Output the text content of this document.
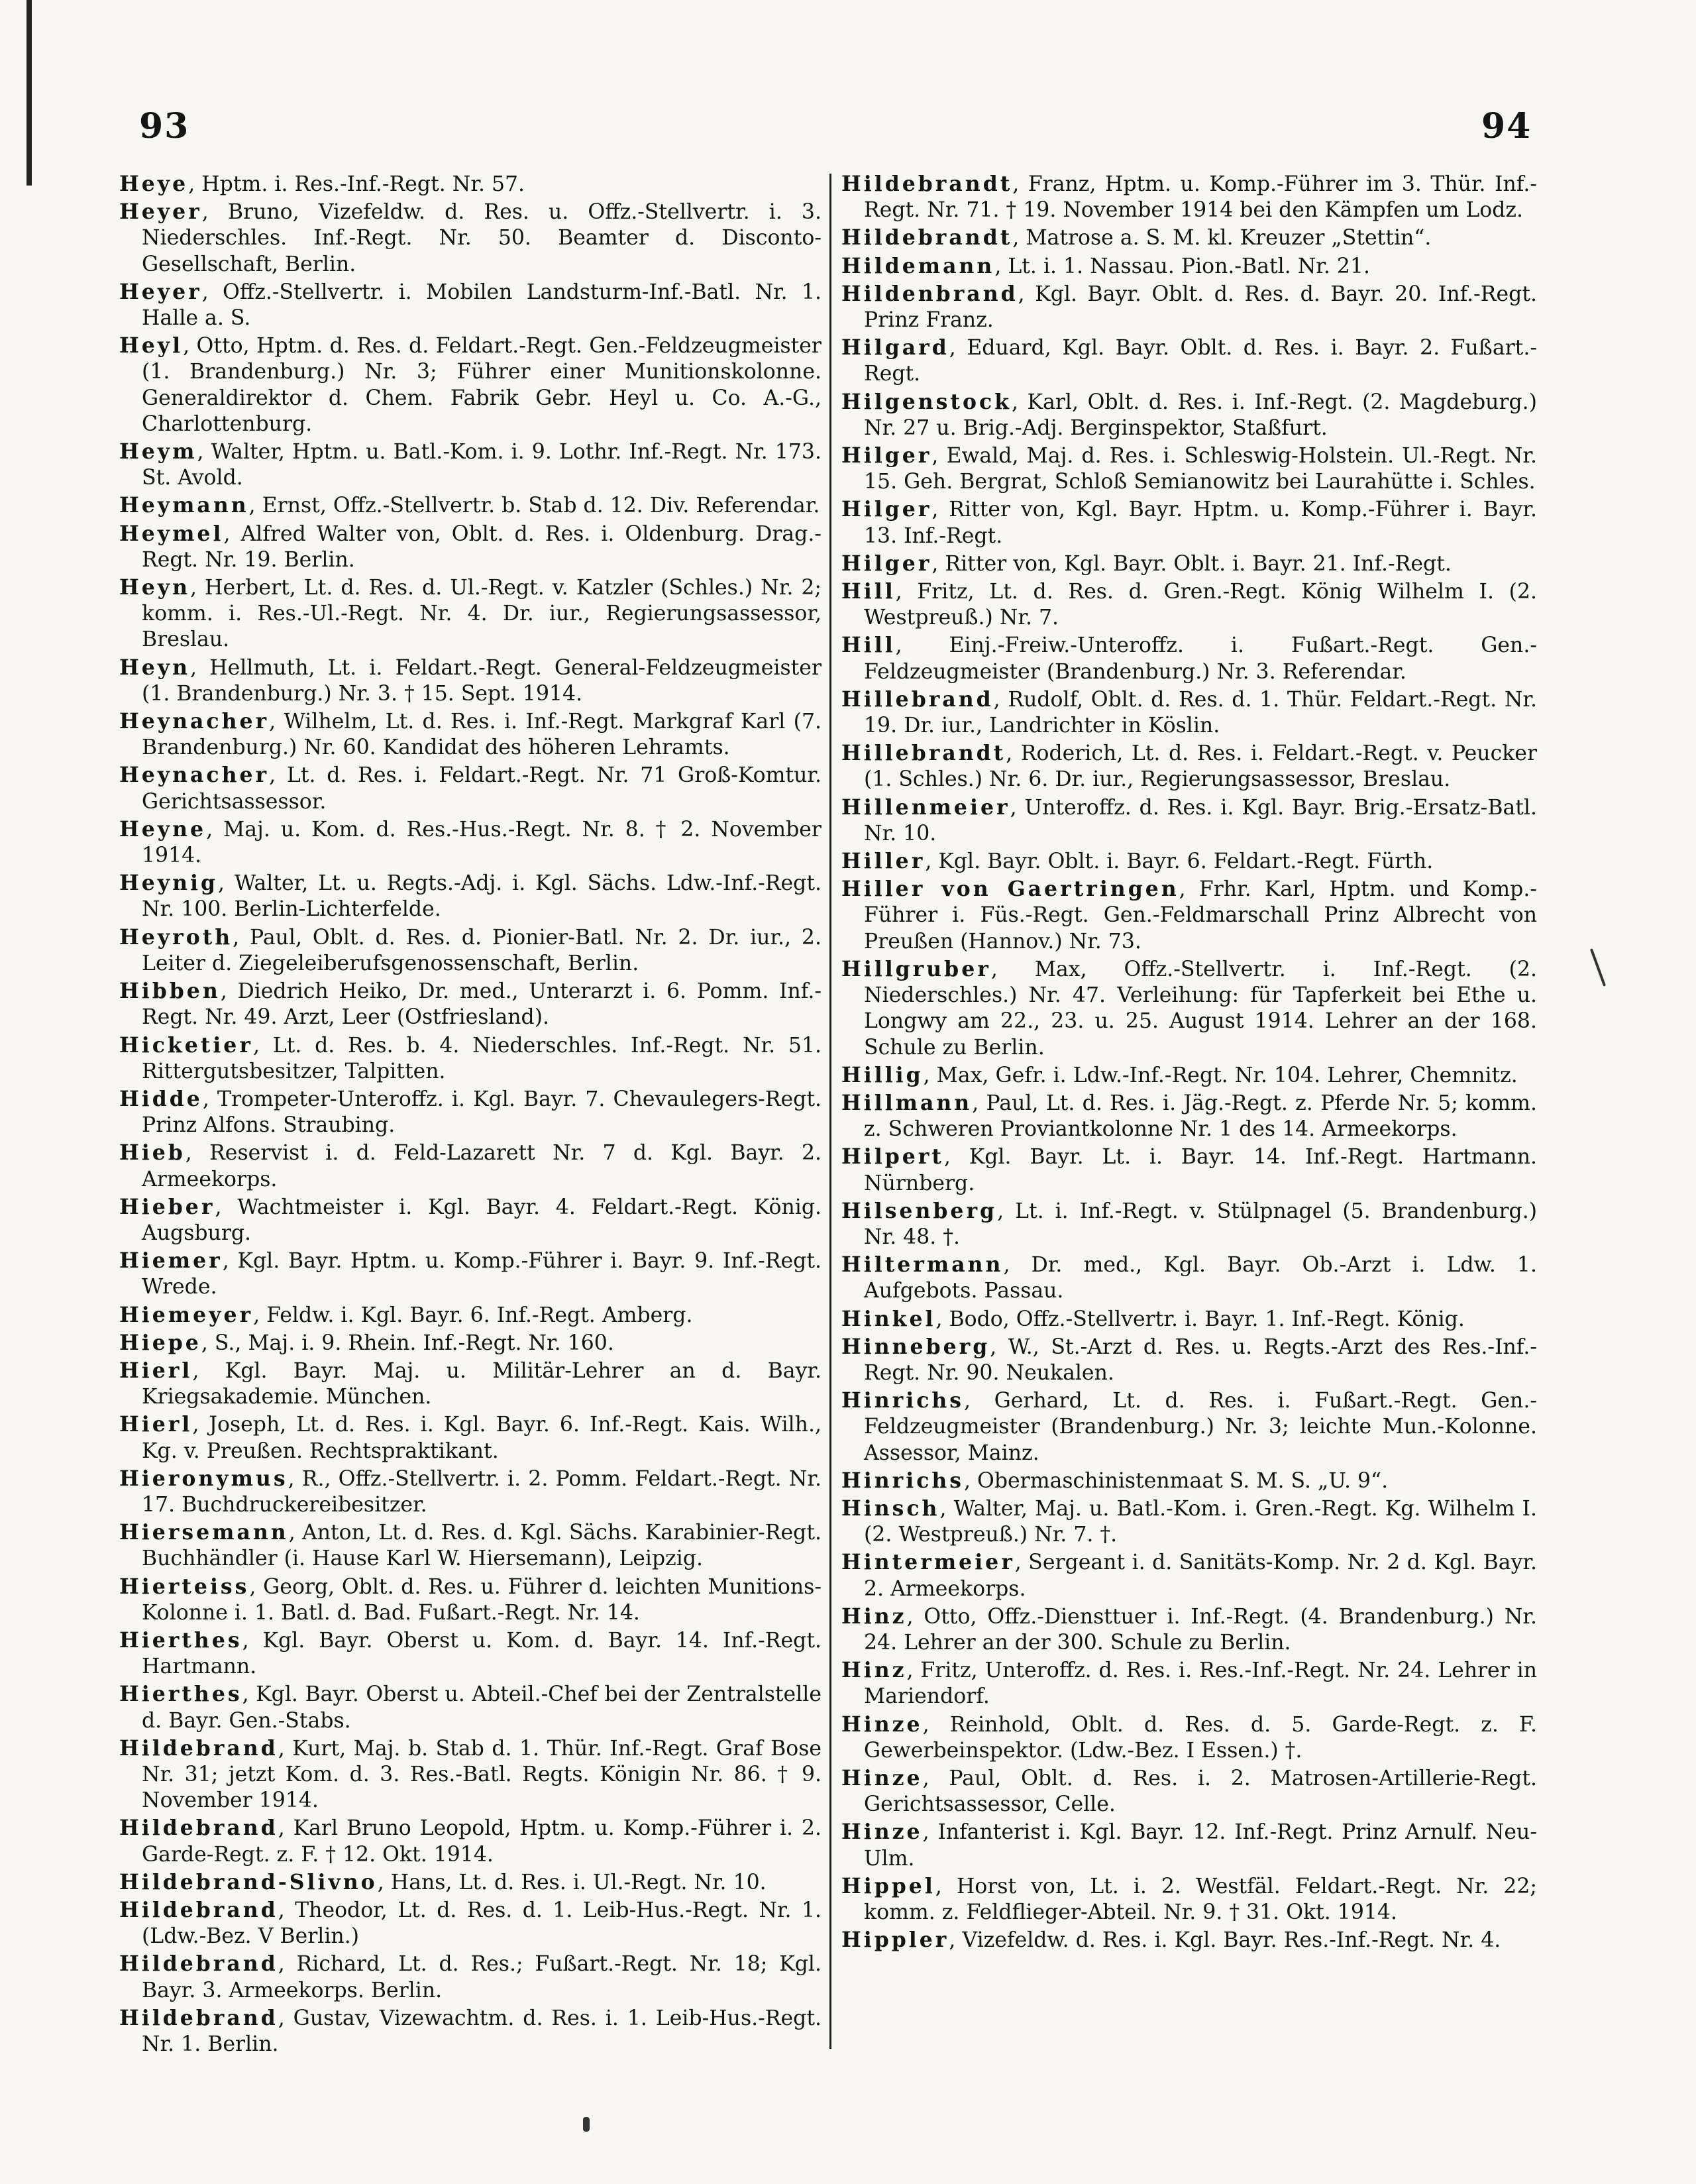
93	94

Heye, Hptm. i. Res.-Inf.-Regt. Nr. 57.

Heyer, Bruno, Vizefeldw. d. Res. u. Offz.-Stellvertr. i. 3. Niederschles. Inf.-Regt. Nr. 50. Beamter d. Disconto-Gesellschaft, Berlin.

Heyer, Offz.-Stellvertr. i. Mobilen Landsturm-Inf.-Batl. Nr. 1. Halle a. S.

Heyl, Otto, Hptm. d. Res. d. Feldart.-Regt. Gen.-Feldzeugmeister (1. Brandenburg.) Nr. 3; Führer einer Munitionskolonne. Generaldirektor d. Chem. Fabrik Gebr. Heyl u. Co. A.-G., Charlottenburg.

Heym, Walter, Hptm. u. Batl.-Kom. i. 9. Lothr. Inf.-Regt. Nr. 173. St. Avold.

Heymann, Ernst, Offz.-Stellvertr. b. Stab d. 12. Div. Referendar.

Heymel, Alfred Walter von, Oblt. d. Res. i. Oldenburg. Drag.-Regt. Nr. 19. Berlin.

Heyn, Herbert, Lt. d. Res. d. Ul.-Regt. v. Katzler (Schles.) Nr. 2; komm. i. Res.-Ul.-Regt. Nr. 4. Dr. iur., Regierungsassessor, Breslau.

Heyn, Hellmuth, Lt. i. Feldart.-Regt. General-Feldzeugmeister (1. Brandenburg.) Nr. 3. † 15. Sept. 1914.

Heynacher, Wilhelm, Lt. d. Res. i. Inf.-Regt. Markgraf Karl (7. Brandenburg.) Nr. 60. Kandidat des höheren Lehramts.

Heynacher, Lt. d. Res. i. Feldart.-Regt. Nr. 71 Groß-Komtur. Gerichtsassessor.

Heyne, Maj. u. Kom. d. Res.-Hus.-Regt. Nr. 8. † 2. November 1914.

Heynig, Walter, Lt. u. Regts.-Adj. i. Kgl. Sächs. Ldw.-Inf.-Regt. Nr. 100. Berlin-Lichterfelde.

Heyroth, Paul, Oblt. d. Res. d. Pionier-Batl. Nr. 2. Dr. iur., 2. Leiter d. Ziegeleiberufsgenossenschaft, Berlin.

Hibben, Diedrich Heiko, Dr. med., Unterarzt i. 6. Pomm. Inf.-Regt. Nr. 49. Arzt, Leer (Ostfriesland).

Hicketier, Lt. d. Res. b. 4. Niederschles. Inf.-Regt. Nr. 51. Rittergutsbesitzer, Talpitten.

Hidde, Trompeter-Unteroffz. i. Kgl. Bayr. 7. Chevaulegers-Regt. Prinz Alfons. Straubing.

Hieb, Reservist i. d. Feld-Lazarett Nr. 7 d. Kgl. Bayr. 2. Armeekorps.

Hieber, Wachtmeister i. Kgl. Bayr. 4. Feldart.-Regt. König. Augsburg.

Hiemer, Kgl. Bayr. Hptm. u. Komp.-Führer i. Bayr. 9. Inf.-Regt. Wrede.

Hiemeyer, Feldw. i. Kgl. Bayr. 6. Inf.-Regt. Amberg.

Hiepe, S., Maj. i. 9. Rhein. Inf.-Regt. Nr. 160.

Hierl, Kgl. Bayr. Maj. u. Militär-Lehrer an d. Bayr. Kriegsakademie. München.

Hierl, Joseph, Lt. d. Res. i. Kgl. Bayr. 6. Inf.-Regt. Kais. Wilh., Kg. v. Preußen. Rechtspraktikant.

Hieronymus, R., Offz.-Stellvertr. i. 2. Pomm. Feldart.-Regt. Nr. 17. Buchdruckereibesitzer.

Hiersemann, Anton, Lt. d. Res. d. Kgl. Sächs. Karabinier-Regt. Buchhändler (i. Hause Karl W. Hiersemann), Leipzig.

Hierteiss, Georg, Oblt. d. Res. u. Führer d. leichten Munitions-Kolonne i. 1. Batl. d. Bad. Fußart.-Regt. Nr. 14.

Hierthes, Kgl. Bayr. Oberst u. Kom. d. Bayr. 14. Inf.-Regt. Hartmann.

Hierthes, Kgl. Bayr. Oberst u. Abteil.-Chef bei der Zentralstelle d. Bayr. Gen.-Stabs.

Hildebrand, Kurt, Maj. b. Stab d. 1. Thür. Inf.-Regt. Graf Bose Nr. 31; jetzt Kom. d. 3. Res.-Batl. Regts. Königin Nr. 86. † 9. November 1914.

Hildebrand, Karl Bruno Leopold, Hptm. u. Komp.-Führer i. 2. Garde-Regt. z. F. † 12. Okt. 1914.

Hildebrand-Slivno, Hans, Lt. d. Res. i. Ul.-Regt. Nr. 10.

Hildebrand, Theodor, Lt. d. Res. d. 1. Leib-Hus.-Regt. Nr. 1. (Ldw.-Bez. V Berlin.)

Hildebrand, Richard, Lt. d. Res.; Fußart.-Regt. Nr. 18; Kgl. Bayr. 3. Armeekorps. Berlin.

Hildebrand, Gustav, Vizewachtm. d. Res. i. 1. Leib-Hus.-Regt. Nr. 1. Berlin.

Hildebrandt, Franz, Hptm. u. Komp.-Führer im 3. Thür. Inf.-Regt. Nr. 71. † 19. November 1914 bei den Kämpfen um Lodz.

Hildebrandt, Matrose a. S. M. kl. Kreuzer „Stettin“.

Hildemann, Lt. i. 1. Nassau. Pion.-Batl. Nr. 21.

Hildenbrand, Kgl. Bayr. Oblt. d. Res. d. Bayr. 20. Inf.-Regt. Prinz Franz.

Hilgard, Eduard, Kgl. Bayr. Oblt. d. Res. i. Bayr. 2. Fußart.-Regt.

Hilgenstock, Karl, Oblt. d. Res. i. Inf.-Regt. (2. Magdeburg.) Nr. 27 u. Brig.-Adj. Berginspektor, Staßfurt.

Hilger, Ewald, Maj. d. Res. i. Schleswig-Holstein. Ul.-Regt. Nr. 15. Geh. Bergrat, Schloß Semianowitz bei Laurahütte i. Schles.

Hilger, Ritter von, Kgl. Bayr. Hptm. u. Komp.-Führer i. Bayr. 13. Inf.-Regt.

Hilger, Ritter von, Kgl. Bayr. Oblt. i. Bayr. 21. Inf.-Regt.

Hill, Fritz, Lt. d. Res. d. Gren.-Regt. König Wilhelm I. (2. Westpreuß.) Nr. 7.

Hill, Einj.-Freiw.-Unteroffz. i. Fußart.-Regt. Gen.-Feldzeugmeister (Brandenburg.) Nr. 3. Referendar.

Hillebrand, Rudolf, Oblt. d. Res. d. 1. Thür. Feldart.-Regt. Nr. 19. Dr. iur., Landrichter in Köslin.

Hillebrandt, Roderich, Lt. d. Res. i. Feldart.-Regt. v. Peucker (1. Schles.) Nr. 6. Dr. iur., Regierungsassessor, Breslau.

Hillenmeier, Unteroffz. d. Res. i. Kgl. Bayr. Brig.-Ersatz-Batl. Nr. 10.

Hiller, Kgl. Bayr. Oblt. i. Bayr. 6. Feldart.-Regt. Fürth.

Hiller von Gaertringen, Frhr. Karl, Hptm. und Komp.-Führer i. Füs.-Regt. Gen.-Feldmarschall Prinz Albrecht von Preußen (Hannov.) Nr. 73.

Hillgruber, Max, Offz.-Stellvertr. i. Inf.-Regt. (2. Niederschles.) Nr. 47. Verleihung: für Tapferkeit bei Ethe u. Longwy am 22., 23. u. 25. August 1914. Lehrer an der 168. Schule zu Berlin.

Hillig, Max, Gefr. i. Ldw.-Inf.-Regt. Nr. 104. Lehrer, Chemnitz.

Hillmann, Paul, Lt. d. Res. i. Jäg.-Regt. z. Pferde Nr. 5; komm. z. Schweren Proviantkolonne Nr. 1 des 14. Armeekorps.

Hilpert, Kgl. Bayr. Lt. i. Bayr. 14. Inf.-Regt. Hartmann. Nürnberg.

Hilsenberg, Lt. i. Inf.-Regt. v. Stülpnagel (5. Brandenburg.) Nr. 48. †.

Hiltermann, Dr. med., Kgl. Bayr. Ob.-Arzt i. Ldw. 1. Aufgebots. Passau.

Hinkel, Bodo, Offz.-Stellvertr. i. Bayr. 1. Inf.-Regt. König.

Hinneberg, W., St.-Arzt d. Res. u. Regts.-Arzt des Res.-Inf.-Regt. Nr. 90. Neukalen.

Hinrichs, Gerhard, Lt. d. Res. i. Fußart.-Regt. Gen.-Feldzeugmeister (Brandenburg.) Nr. 3; leichte Mun.-Kolonne. Assessor, Mainz.

Hinrichs, Obermaschinistenmaat S. M. S. „U. 9“.

Hinsch, Walter, Maj. u. Batl.-Kom. i. Gren.-Regt. Kg. Wilhelm I. (2. Westpreuß.) Nr. 7. †.

Hintermeier, Sergeant i. d. Sanitäts-Komp. Nr. 2 d. Kgl. Bayr. 2. Armeekorps.

Hinz, Otto, Offz.-Diensttuer i. Inf.-Regt. (4. Brandenburg.) Nr. 24. Lehrer an der 300. Schule zu Berlin.

Hinz, Fritz, Unteroffz. d. Res. i. Res.-Inf.-Regt. Nr. 24. Lehrer in Mariendorf.

Hinze, Reinhold, Oblt. d. Res. d. 5. Garde-Regt. z. F. Gewerbeinspektor. (Ldw.-Bez. I Essen.) †.

Hinze, Paul, Oblt. d. Res. i. 2. Matrosen-Artillerie-Regt. Gerichtsassessor, Celle.

Hinze, Infanterist i. Kgl. Bayr. 12. Inf.-Regt. Prinz Arnulf. Neu-Ulm.

Hippel, Horst von, Lt. i. 2. Westfäl. Feldart.-Regt. Nr. 22; komm. z. Feldflieger-Abteil. Nr. 9. † 31. Okt. 1914.

Hippler, Vizefeldw. d. Res. i. Kgl. Bayr. Res.-Inf.-Regt. Nr. 4.
